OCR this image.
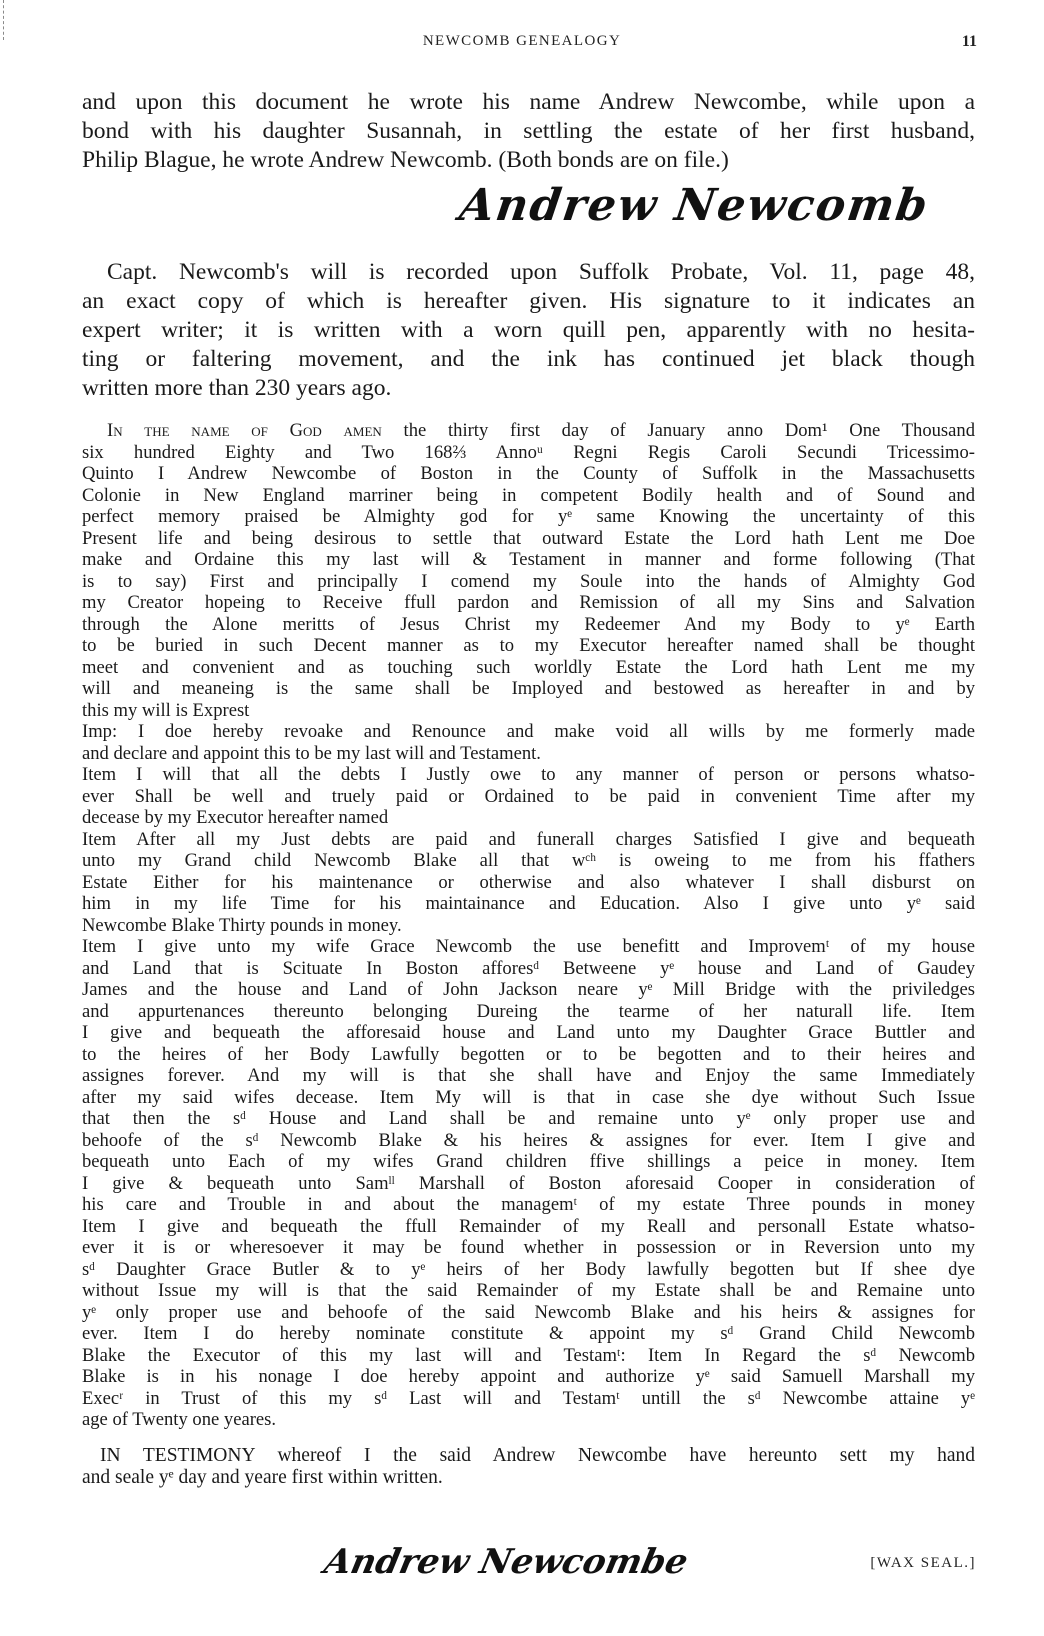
NEWCOMB GENEALOGY	11
and upon this document he wrote his name Andrew Newcombe, while upon a
bond with his daughter Susannah, in settling the estate of her first husband,
Philip Blague, he wrote Andrew Newcomb. (Both bonds are on file.)
Andrew Newcomb
Capt. Newcomb's will is recorded upon Suffolk Probate, Vol. 11, page 48,
an exact copy of which is hereafter given. His signature to it indicates an
expert writer; it is written with a worn quill pen, apparently with no hesita-
ting or faltering movement, and the ink has continued jet black though
written more than 230 years ago.
In the name of God amen the thirty first day of January anno Dom¹ One Thousand
six hundred Eighty and Two 168⅔ Annoᵘ Regni Regis Caroli Secundi Tricessimo-
Quinto I Andrew Newcombe of Boston in the County of Suffolk in the Massachusetts
Colonie in New England marriner being in competent Bodily health and of Sound and
perfect memory praised be Almighty god for yᵉ same Knowing the uncertainty of this
Present life and being desirous to settle that outward Estate the Lord hath Lent me Doe
make and Ordaine this my last will & Testament in manner and forme following (That
is to say) First and principally I comend my Soule into the hands of Almighty God
my Creator hopeing to Receive ffull pardon and Remission of all my Sins and Salvation
through the Alone meritts of Jesus Christ my Redeemer And my Body to yᵉ Earth
to be buried in such Decent manner as to my Executor hereafter named shall be thought
meet and convenient and as touching such worldly Estate the Lord hath Lent me my
will and meaneing is the same shall be Imployed and bestowed as hereafter in and by
this my will is Exprest
Imp: I doe hereby revoake and Renounce and make void all wills by me formerly made
and declare and appoint this to be my last will and Testament.
Item I will that all the debts I Justly owe to any manner of person or persons whatso-
ever Shall be well and truely paid or Ordained to be paid in convenient Time after my
decease by my Executor hereafter named
Item After all my Just debts are paid and funerall charges Satisfied I give and bequeath
unto my Grand child Newcomb Blake all that wᶜʰ is oweing to me from his ffathers
Estate Either for his maintenance or otherwise and also whatever I shall disburst on
him in my life Time for his maintainance and Education. Also I give unto yᵉ said
Newcombe Blake Thirty pounds in money.
Item I give unto my wife Grace Newcomb the use benefitt and Improvemᵗ of my house
and Land that is Scituate In Boston afforesᵈ Betweene yᵉ house and Land of Gaudey
James and the house and Land of John Jackson neare yᵉ Mill Bridge with the priviledges
and appurtenances thereunto belonging Dureing the tearme of her naturall life. Item
I give and bequeath the afforesaid house and Land unto my Daughter Grace Buttler and
to the heires of her Body Lawfully begotten or to be begotten and to their heires and
assignes forever. And my will is that she shall have and Enjoy the same Immediately
after my said wifes decease. Item My will is that in case she dye without Such Issue
that then the sᵈ House and Land shall be and remaine unto yᵉ only proper use and
behoofe of the sᵈ Newcomb Blake & his heires & assignes for ever. Item I give and
bequeath unto Each of my wifes Grand children ffive shillings a peice in money. Item
I give & bequeath unto Samˡˡ Marshall of Boston aforesaid Cooper in consideration of
his care and Trouble in and about the managemᵗ of my estate Three pounds in money
Item I give and bequeath the ffull Remainder of my Reall and personall Estate whatso-
ever it is or wheresoever it may be found whether in possession or in Reversion unto my
sᵈ Daughter Grace Butler & to yᵉ heirs of her Body lawfully begotten but If shee dye
without Issue my will is that the said Remainder of my Estate shall be and Remaine unto
yᵉ only proper use and behoofe of the said Newcomb Blake and his heirs & assignes for
ever. Item I do hereby nominate constitute & appoint my sᵈ Grand Child Newcomb
Blake the Executor of this my last will and Testamᵗ: Item In Regard the sᵈ Newcomb
Blake is in his nonage I doe hereby appoint and authorize yᵉ said Samuell Marshall my
Execʳ in Trust of this my sᵈ Last will and Testamᵗ untill the sᵈ Newcombe attaine yᵉ
age of Twenty one yeares.
IN TESTIMONY whereof I the said Andrew Newcombe have hereunto sett my hand
and seale yᵉ day and yeare first within written.
Andrew Newcombe	[WAX SEAL.]
